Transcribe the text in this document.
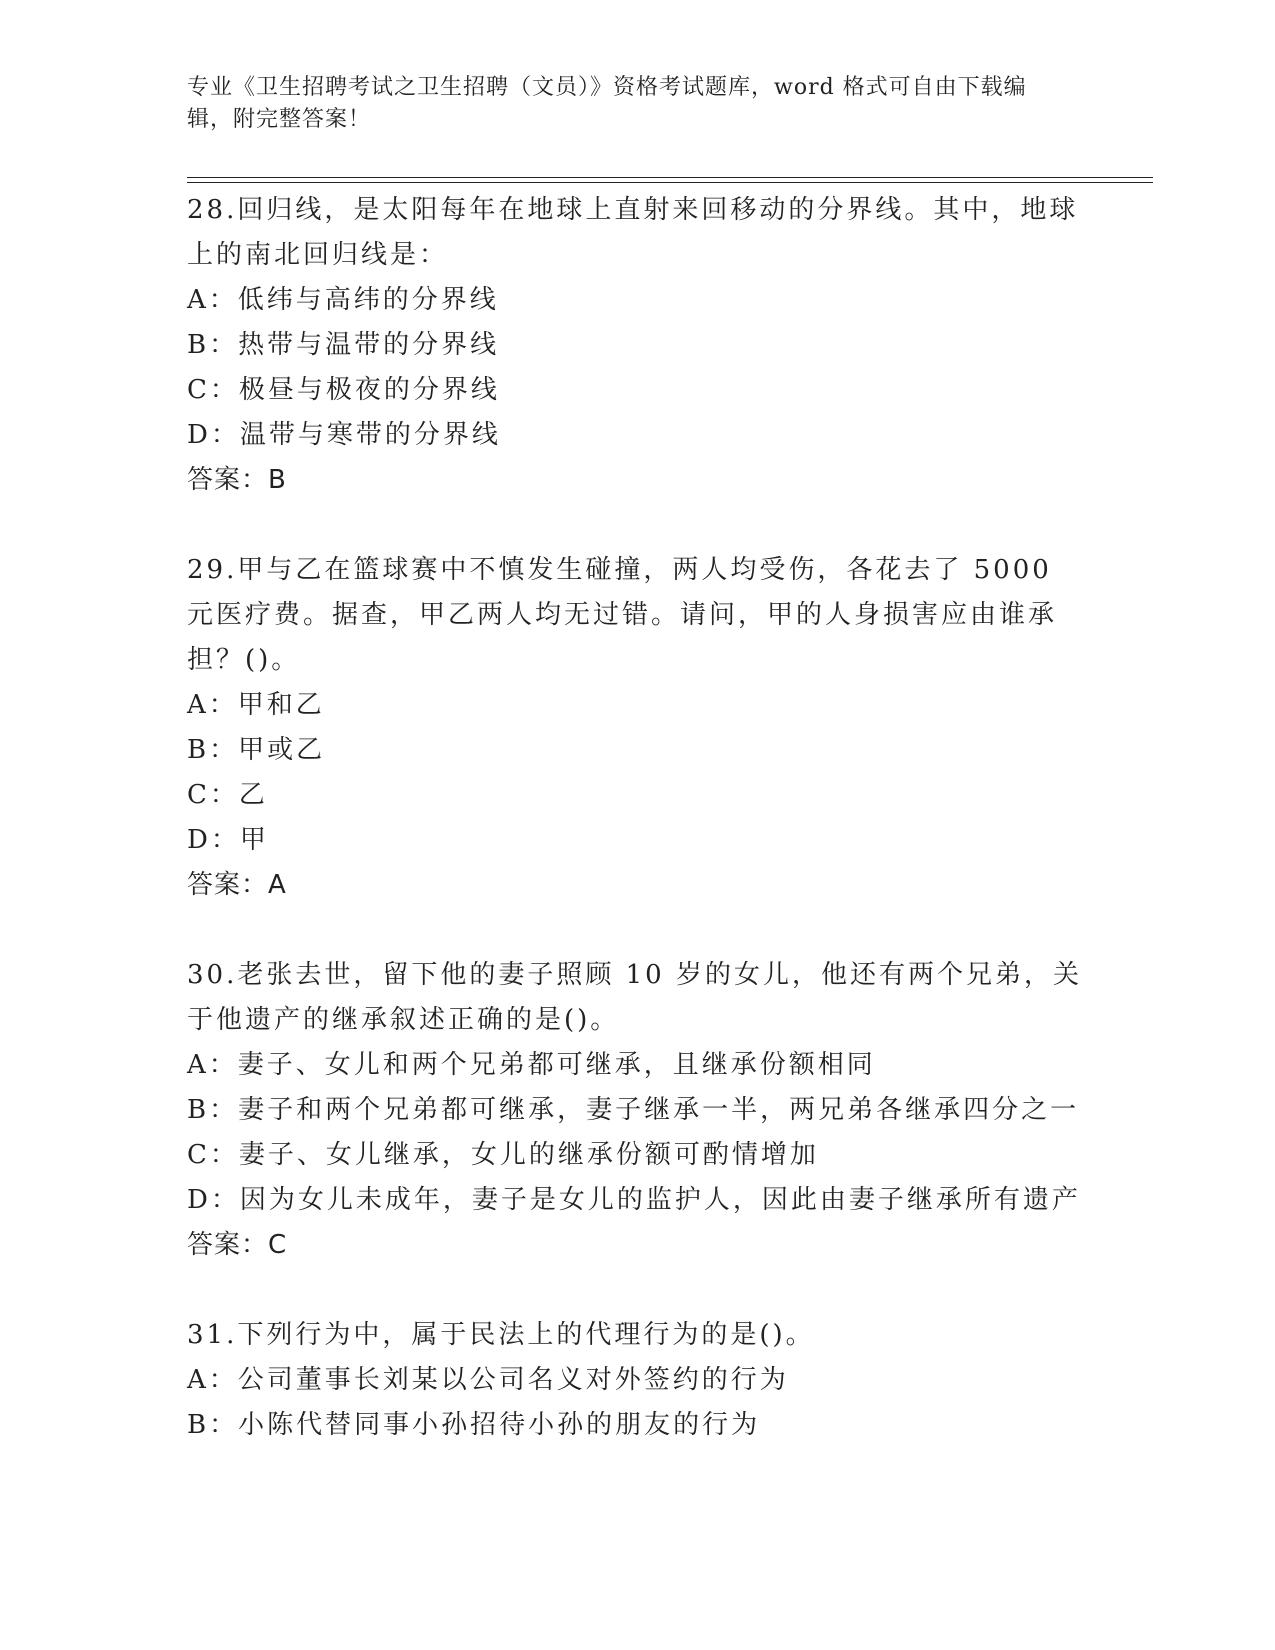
专业《卫生招聘考试之卫生招聘（文员）》资格考试题库，word 格式可自由下载编辑，附完整答案！

28.回归线，是太阳每年在地球上直射来回移动的分界线。其中，地球上的南北回归线是：

A：低纬与高纬的分界线

B：热带与温带的分界线

C：极昼与极夜的分界线

D：温带与寒带的分界线

答案：B

29.甲与乙在篮球赛中不慎发生碰撞，两人均受伤，各花去了 5000 元医疗费。据查，甲乙两人均无过错。请问，甲的人身损害应由谁承担？()。

A：甲和乙

B：甲或乙

C：乙

D：甲

答案：A

30.老张去世，留下他的妻子照顾 10 岁的女儿，他还有两个兄弟，关于他遗产的继承叙述正确的是()。

A：妻子、女儿和两个兄弟都可继承，且继承份额相同

B：妻子和两个兄弟都可继承，妻子继承一半，两兄弟各继承四分之一

C：妻子、女儿继承，女儿的继承份额可酌情增加

D：因为女儿未成年，妻子是女儿的监护人，因此由妻子继承所有遗产

答案：C

31.下列行为中，属于民法上的代理行为的是()。

A：公司董事长刘某以公司名义对外签约的行为

B：小陈代替同事小孙招待小孙的朋友的行为
